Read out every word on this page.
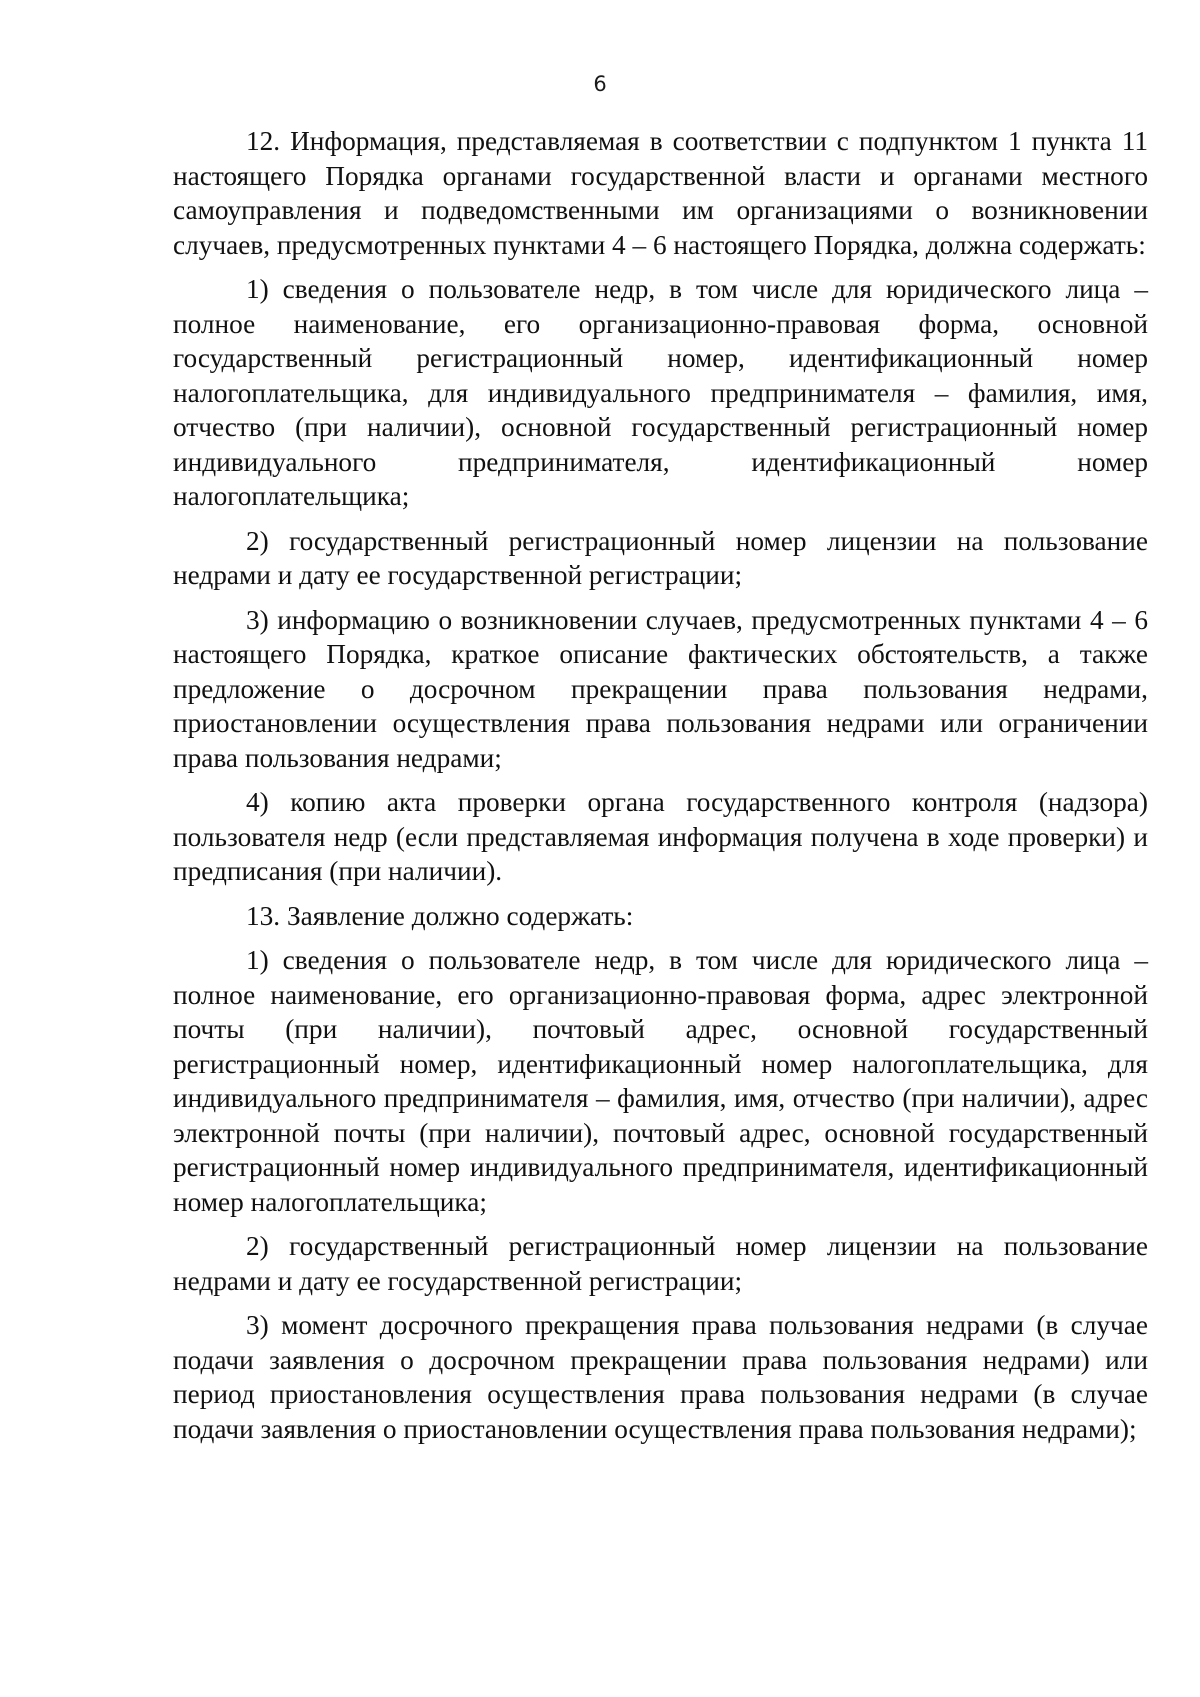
6

12. Информация, представляемая в соответствии с подпунктом 1 пункта 11 настоящего Порядка органами государственной власти и органами местного самоуправления и подведомственными им организациями о возникновении случаев, предусмотренных пунктами 4 – 6 настоящего Порядка, должна содержать:

1) сведения о пользователе недр, в том числе для юридического лица – полное наименование, его организационно-правовая форма, основной государственный регистрационный номер, идентификационный номер налогоплательщика, для индивидуального предпринимателя – фамилия, имя, отчество (при наличии), основной государственный регистрационный номер индивидуального предпринимателя, идентификационный номер налогоплательщика;

2) государственный регистрационный номер лицензии на пользование недрами и дату ее государственной регистрации;

3) информацию о возникновении случаев, предусмотренных пунктами 4 – 6 настоящего Порядка, краткое описание фактических обстоятельств, а также предложение о досрочном прекращении права пользования недрами, приостановлении осуществления права пользования недрами или ограничении права пользования недрами;

4) копию акта проверки органа государственного контроля (надзора) пользователя недр (если представляемая информация получена в ходе проверки) и предписания (при наличии).

13. Заявление должно содержать:

1) сведения о пользователе недр, в том числе для юридического лица – полное наименование, его организационно-правовая форма, адрес электронной почты (при наличии), почтовый адрес, основной государственный регистрационный номер, идентификационный номер налогоплательщика, для индивидуального предпринимателя – фамилия, имя, отчество (при наличии), адрес электронной почты (при наличии), почтовый адрес, основной государственный регистрационный номер индивидуального предпринимателя, идентификационный номер налогоплательщика;

2) государственный регистрационный номер лицензии на пользование недрами и дату ее государственной регистрации;

3) момент досрочного прекращения права пользования недрами (в случае подачи заявления о досрочном прекращении права пользования недрами) или период приостановления осуществления права пользования недрами (в случае подачи заявления о приостановлении осуществления права пользования недрами);
